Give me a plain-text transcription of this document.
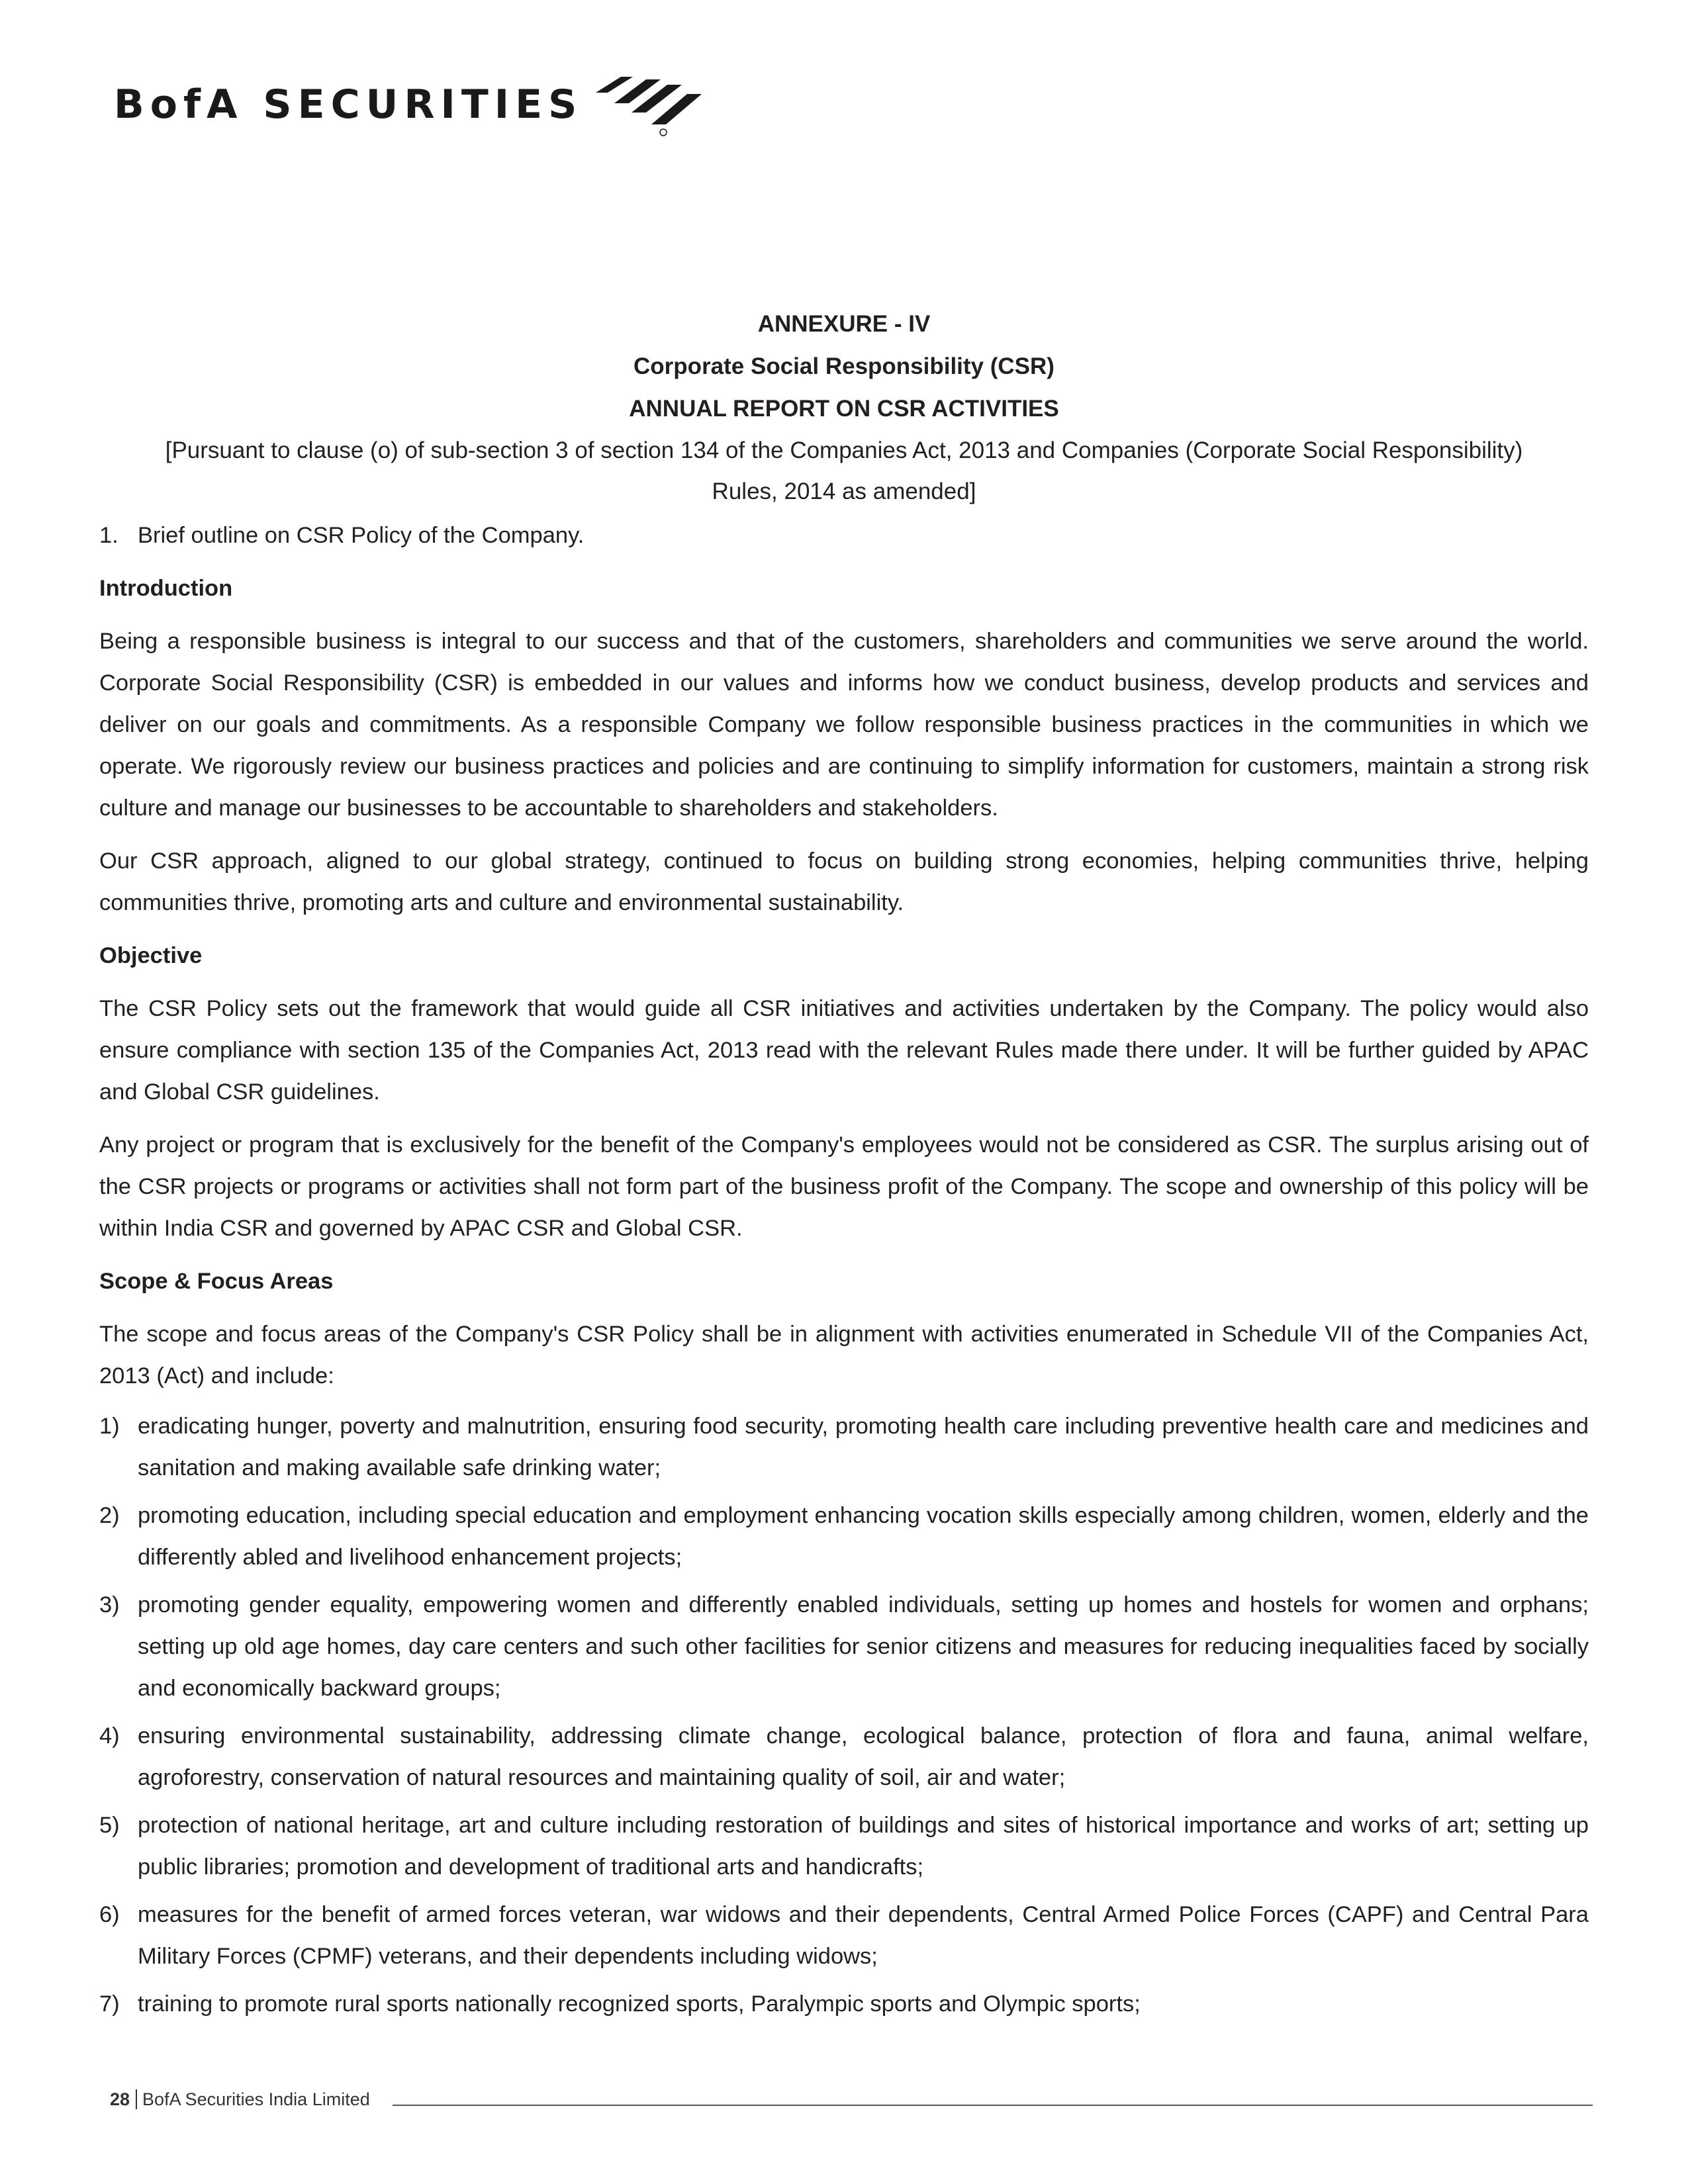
BofA SECURITIES
ANNEXURE - IV
Corporate Social Responsibility (CSR)
ANNUAL REPORT ON CSR ACTIVITIES
[Pursuant to clause (o) of sub-section 3 of section 134 of the Companies Act, 2013 and Companies (Corporate Social Responsibility)
Rules, 2014 as amended]
1. Brief outline on CSR Policy of the Company.
Introduction

Being a responsible business is integral to our success and that of the customers, shareholders and communities we serve around the world. Corporate Social Responsibility (CSR) is embedded in our values and informs how we conduct business, develop products and services and deliver on our goals and commitments. As a responsible Company we follow responsible business practices in the communities in which we operate. We rigorously review our business practices and policies and are continuing to simplify information for customers, maintain a strong risk culture and manage our businesses to be accountable to shareholders and stakeholders.

Our CSR approach, aligned to our global strategy, continued to focus on building strong economies, helping communities thrive, helping communities thrive, promoting arts and culture and environmental sustainability.

Objective

The CSR Policy sets out the framework that would guide all CSR initiatives and activities undertaken by the Company. The policy would also ensure compliance with section 135 of the Companies Act, 2013 read with the relevant Rules made there under. It will be further guided by APAC and Global CSR guidelines.

Any project or program that is exclusively for the benefit of the Company's employees would not be considered as CSR. The surplus arising out of the CSR projects or programs or activities shall not form part of the business profit of the Company. The scope and ownership of this policy will be within India CSR and governed by APAC CSR and Global CSR.

Scope & Focus Areas

The scope and focus areas of the Company's CSR Policy shall be in alignment with activities enumerated in Schedule VII of the Companies Act, 2013 (Act) and include:

1) eradicating hunger, poverty and malnutrition, ensuring food security, promoting health care including preventive health care and medicines and sanitation and making available safe drinking water;
2) promoting education, including special education and employment enhancing vocation skills especially among children, women, elderly and the differently abled and livelihood enhancement projects;
3) promoting gender equality, empowering women and differently enabled individuals, setting up homes and hostels for women and orphans; setting up old age homes, day care centers and such other facilities for senior citizens and measures for reducing inequalities faced by socially and economically backward groups;
4) ensuring environmental sustainability, addressing climate change, ecological balance, protection of flora and fauna, animal welfare, agroforestry, conservation of natural resources and maintaining quality of soil, air and water;
5) protection of national heritage, art and culture including restoration of buildings and sites of historical importance and works of art; setting up public libraries; promotion and development of traditional arts and handicrafts;
6) measures for the benefit of armed forces veteran, war widows and their dependents, Central Armed Police Forces (CAPF) and Central Para Military Forces (CPMF) veterans, and their dependents including widows;
7) training to promote rural sports nationally recognized sports, Paralympic sports and Olympic sports;
28 BofA Securities India Limited
